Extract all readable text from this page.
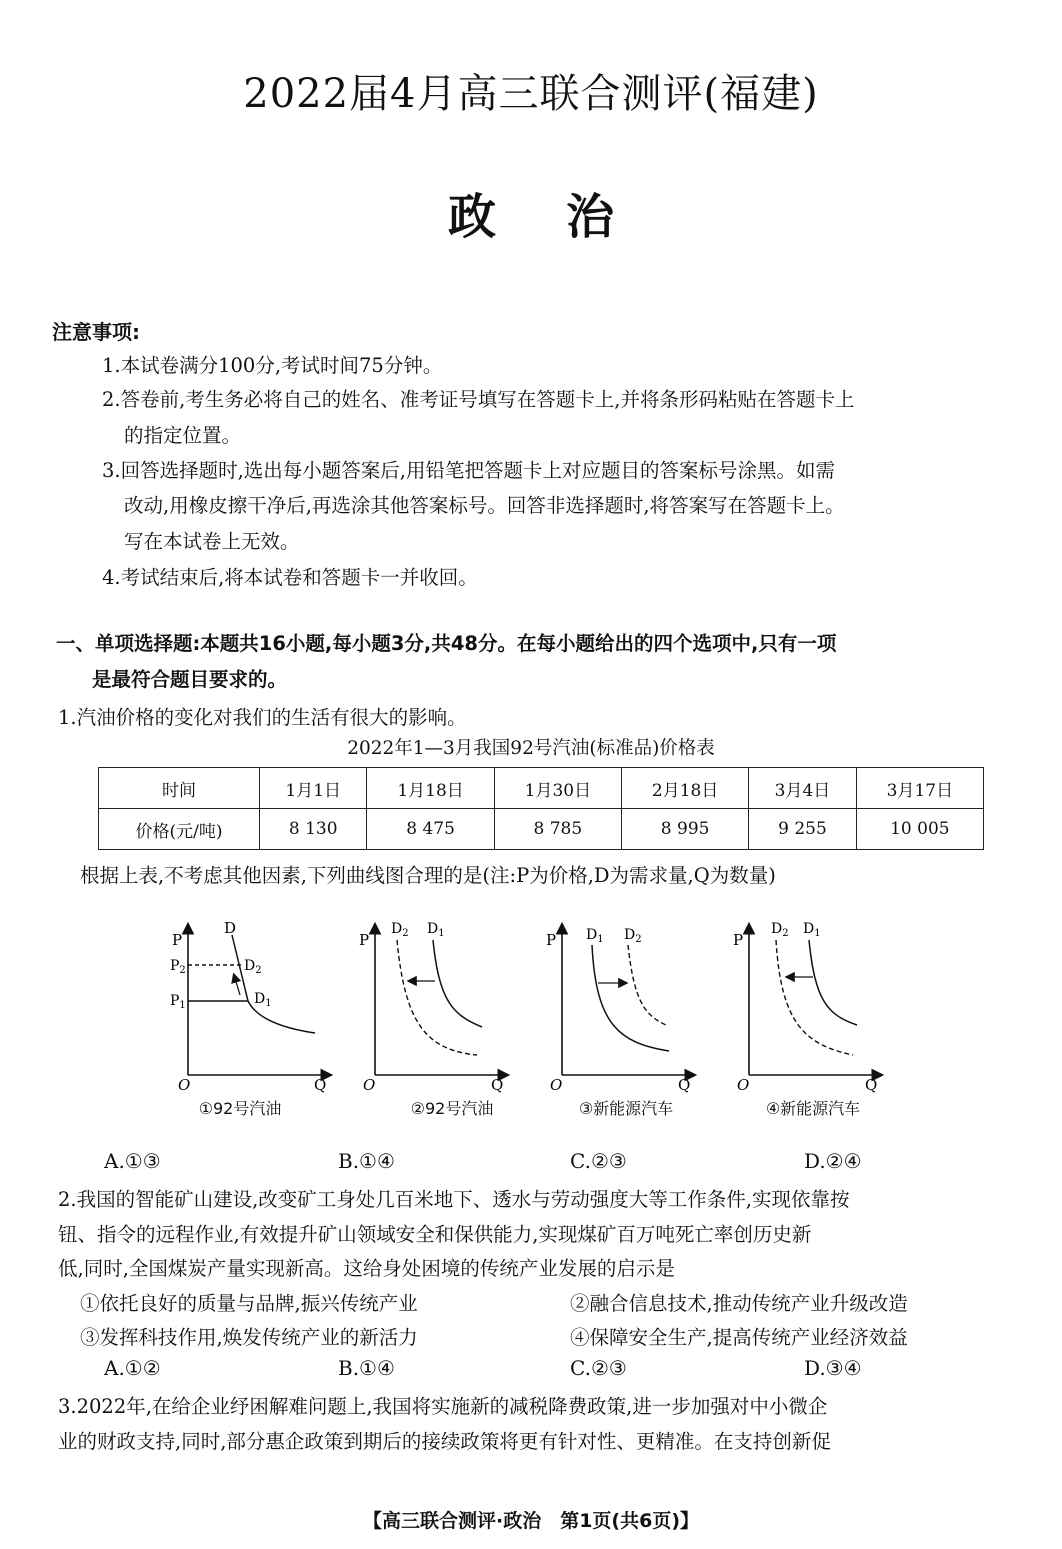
2022届4月高三联合测评(福建)
政治
注意事项:
1.本试卷满分100分,考试时间75分钟。
2.答卷前,考生务必将自己的姓名、准考证号填写在答题卡上,并将条形码粘贴在答题卡上
的指定位置。
3.回答选择题时,选出每小题答案后,用铅笔把答题卡上对应题目的答案标号涂黑。如需
改动,用橡皮擦干净后,再选涂其他答案标号。回答非选择题时,将答案写在答题卡上。
写在本试卷上无效。
4.考试结束后,将本试卷和答题卡一并收回。
一、单项选择题:本题共16小题,每小题3分,共48分。在每小题给出的四个选项中,只有一项
是最符合题目要求的。
1.汽油价格的变化对我们的生活有很大的影响。
2022年1—3月我国92号汽油(标准品)价格表
时间	1月1日	1月18日	1月30日	2月18日	3月4日	3月17日
价格(元/吨)	8 130	8 475	8 785	8 995	9 255	10 005
根据上表,不考虑其他因素,下列曲线图合理的是(注:P为价格,D为需求量,Q为数量)
P
D
$P_2$
$P_1$
$D_2$
$D_1$
O	Q
P
$D_2$ $D_1$
O	Q
P $D_1$ $D_2$
O	Q
P
$D_2$ $D_1$
O	Q
①92号汽油	②92号汽油	③新能源汽车	④新能源汽车
A.①③	B.①④	C.②③	D.②④
2.我国的智能矿山建设,改变矿工身处几百米地下、透水与劳动强度大等工作条件,实现依靠按
钮、指令的远程作业,有效提升矿山领域安全和保供能力,实现煤矿百万吨死亡率创历史新
低,同时,全国煤炭产量实现新高。这给身处困境的传统产业发展的启示是
①依托良好的质量与品牌,振兴传统产业	②融合信息技术,推动传统产业升级改造
③发挥科技作用,焕发传统产业的新活力	④保障安全生产,提高传统产业经济效益
A.①②	B.①④	C.②③	D.③④
3.2022年,在给企业纾困解难问题上,我国将实施新的减税降费政策,进一步加强对中小微企
业的财政支持,同时,部分惠企政策到期后的接续政策将更有针对性、更精准。在支持创新促
【高三联合测评·政治　第1页(共6页)】
